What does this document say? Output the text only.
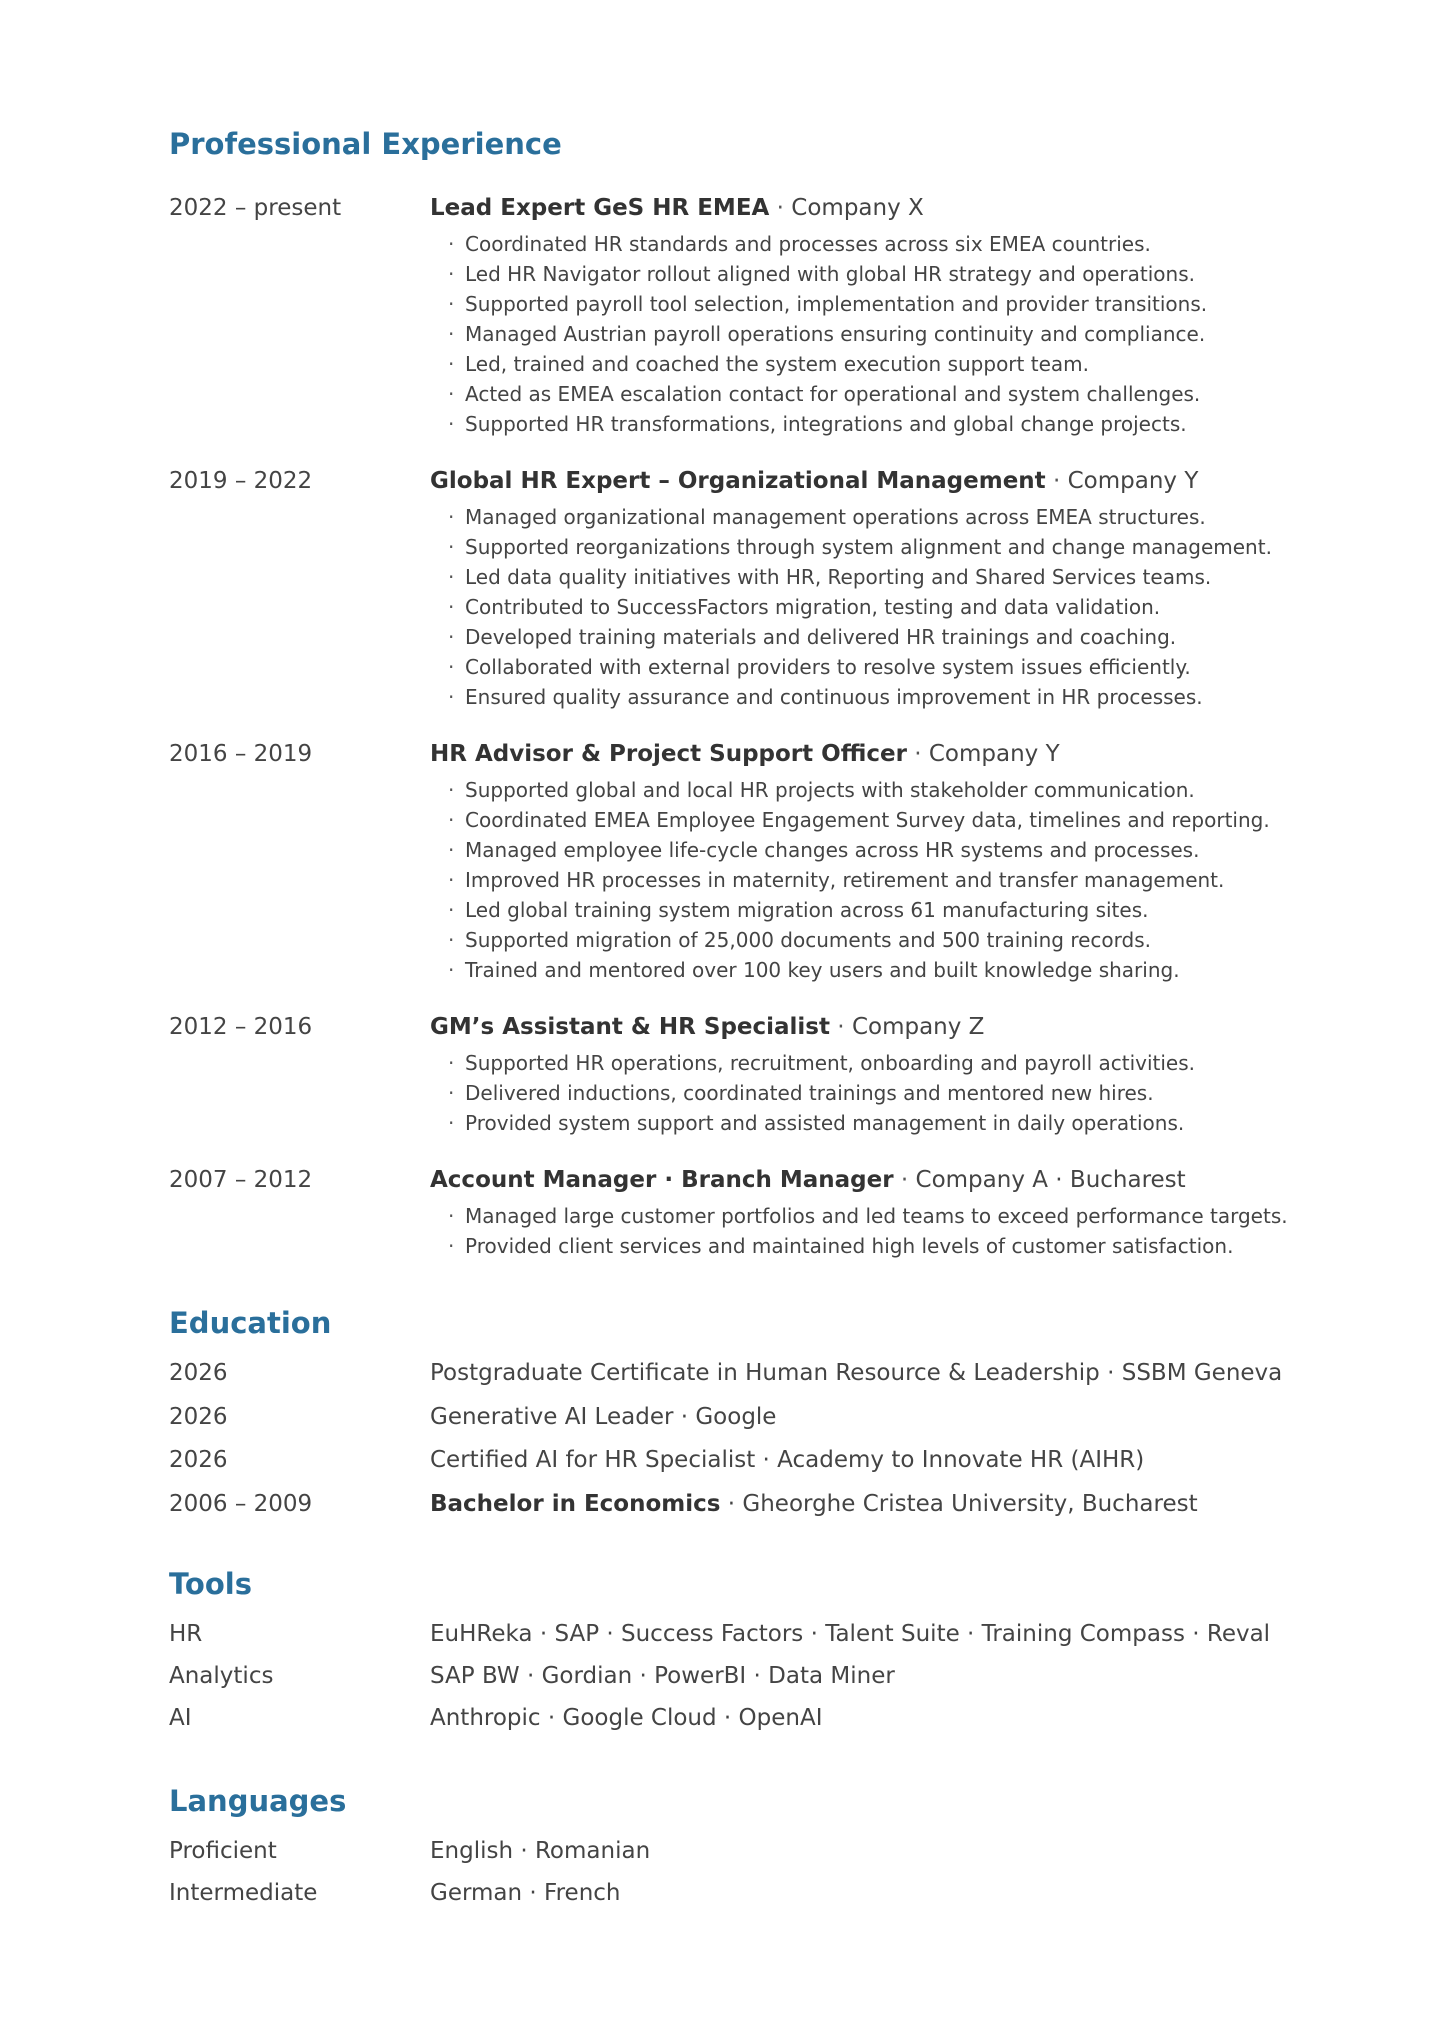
Professional Experience
2022 – present	Lead Expert GeS HR EMEA · Company X
· Coordinated HR standards and processes across six EMEA countries.
· Led HR Navigator rollout aligned with global HR strategy and operations.
· Supported payroll tool selection, implementation and provider transitions.
· Managed Austrian payroll operations ensuring continuity and compliance.
· Led, trained and coached the system execution support team.
· Acted as EMEA escalation contact for operational and system challenges.
· Supported HR transformations, integrations and global change projects.
2019 – 2022	Global HR Expert – Organizational Management · Company Y
· Managed organizational management operations across EMEA structures.
· Supported reorganizations through system alignment and change management.
· Led data quality initiatives with HR, Reporting and Shared Services teams.
· Contributed to SuccessFactors migration, testing and data validation.
· Developed training materials and delivered HR trainings and coaching.
· Collaborated with external providers to resolve system issues efficiently.
· Ensured quality assurance and continuous improvement in HR processes.
2016 – 2019	HR Advisor & Project Support Officer · Company Y
· Supported global and local HR projects with stakeholder communication.
· Coordinated EMEA Employee Engagement Survey data, timelines and reporting.
· Managed employee life-cycle changes across HR systems and processes.
· Improved HR processes in maternity, retirement and transfer management.
· Led global training system migration across 61 manufacturing sites.
· Supported migration of 25,000 documents and 500 training records.
· Trained and mentored over 100 key users and built knowledge sharing.
2012 – 2016	GM’s Assistant & HR Specialist · Company Z
· Supported HR operations, recruitment, onboarding and payroll activities.
· Delivered inductions, coordinated trainings and mentored new hires.
· Provided system support and assisted management in daily operations.
2007 – 2012	Account Manager · Branch Manager · Company A · Bucharest
· Managed large customer portfolios and led teams to exceed performance targets.
· Provided client services and maintained high levels of customer satisfaction.
Education
2026	Postgraduate Certificate in Human Resource & Leadership · SSBM Geneva
2026	Generative AI Leader · Google
2026	Certified AI for HR Specialist · Academy to Innovate HR (AIHR)
2006 – 2009	Bachelor in Economics · Gheorghe Cristea University, Bucharest
Tools
HR	EuHReka · SAP · Success Factors · Talent Suite · Training Compass · Reval
Analytics	SAP BW · Gordian · PowerBI · Data Miner
AI	Anthropic · Google Cloud · OpenAI
Languages
Proficient	English · Romanian
Intermediate	German · French
